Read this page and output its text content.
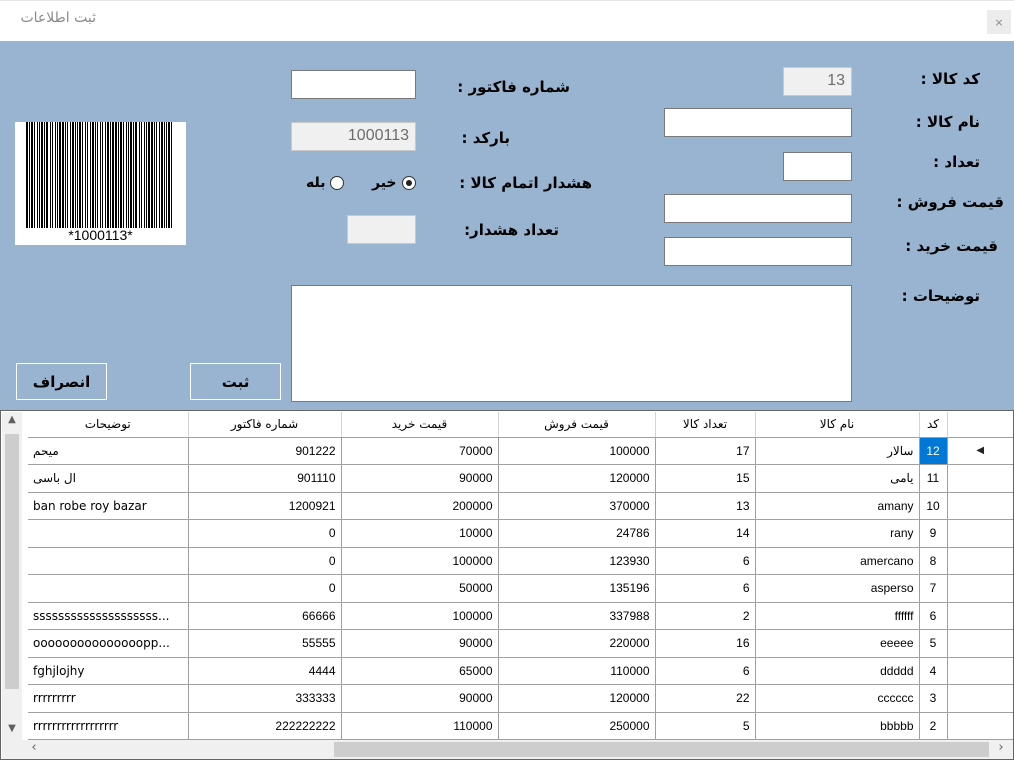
×
ثبت اطلاعات
کد کالا :
نام کالا :
تعداد :
قیمت فروش :
قیمت خرید :
توضیحات :
13
شماره فاکتور :
بارکد :
هشدار اتمام کالا :
تعداد هشدار:
1000113
خیر
بله
*1000113*
ثبت
انصراف
▲
▼
توضیحات	شماره فاکتور	قیمت خرید	قیمت فروش	تعداد کالا	نام کالا	کد	
میحم	901222	70000	100000	17	سالار	12	◀
ال باسی	901110	90000	120000	15	یامی	11	
ban robe roy bazar	1200921	200000	370000	13	amany	10	
	0	10000	24786	14	rany	9	
	0	100000	123930	6	amercano	8	
	0	50000	135196	6	asperso	7	
...ssssssssssssssssssss	66666	100000	337988	2	ffffff	6	
...ooooooooooooooopp	55555	90000	220000	16	eeeee	5	
fghjlojhy	4444	65000	110000	6	ddddd	4	
rrrrrrrrr	333333	90000	120000	22	cccccc	3	
rrrrrrrrrrrrrrrrrr	222222222	110000	250000	5	bbbbb	2	
‹	›
